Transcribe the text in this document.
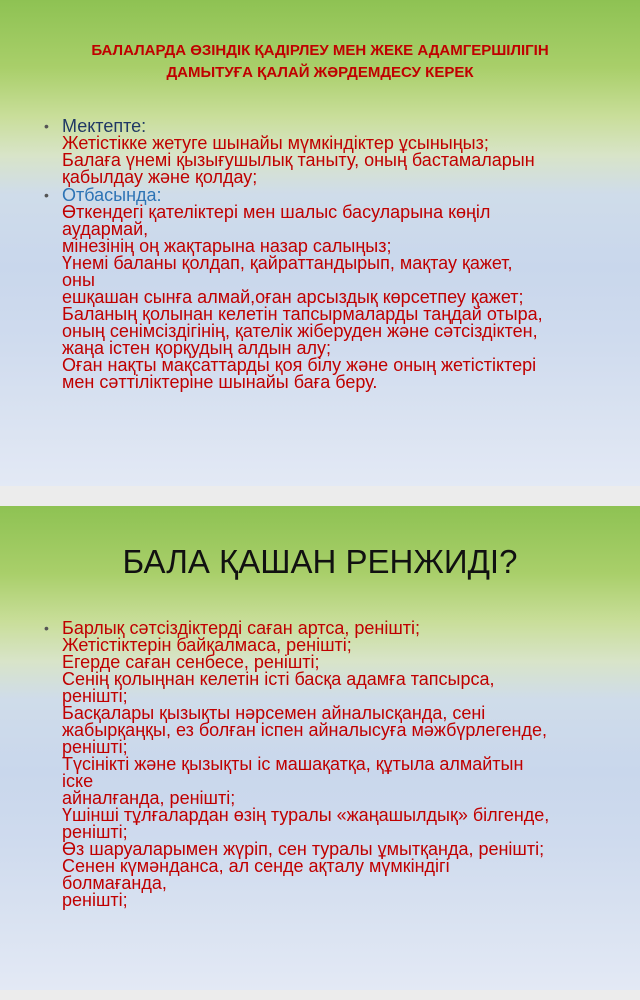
БАЛАЛАРДА ӨЗІНДІК ҚАДІРЛЕУ МЕН ЖЕКЕ АДАМГЕРШІЛІГІН
ДАМЫТУҒА ҚАЛАЙ ЖӘРДЕМДЕСУ КЕРЕК
• Мектепте:
Жетістікке жетуге шынайы мүмкіндіктер ұсыныңыз;
Балаға үнемі қызығушылық таныту, оның бастамаларын
қабылдау және қолдау;
• Отбасында:
Өткендегі қателіктері мен шалыс басуларына көңіл
аудармай,
мінезінің оң жақтарына назар салыңыз;
Үнемі баланы қолдап, қайраттандырып, мақтау қажет,
оны
ешқашан сынға алмай,оған арсыздық көрсетпеу қажет;
Баланың қолынан келетін тапсырмаларды таңдай отыра,
оның сенімсіздігінің, қателік жіберуден және сәтсіздіктен,
жаңа істен қорқудың алдын алу;
Оған нақты мақсаттарды қоя білу және оның жетістіктері
мен сәттіліктеріне шынайы баға беру.
БАЛА ҚАШАН РЕНЖИДІ?
• Барлық сәтсіздіктерді саған артса, ренішті;
Жетістіктерін байқалмаса, ренішті;
Егерде саған сенбесе, ренішті;
Сенің қолыңнан келетін істі басқа адамға тапсырса,
ренішті;
Басқалары қызықты нәрсемен айналысқанда, сені
жабырқаңқы, ез болған іспен айналысуға мәжбүрлегенде,
ренішті;
Түсінікті және қызықты іс машақатқа, құтыла алмайтын
іске
айналғанда, ренішті;
Үшінші тұлғалардан өзің туралы «жаңашылдық» білгенде,
ренішті;
Өз шаруаларымен жүріп, сен туралы ұмытқанда, ренішті;
Сенен күмәнданса, ал сенде ақталу мүмкіндігі
болмағанда,
ренішті;
